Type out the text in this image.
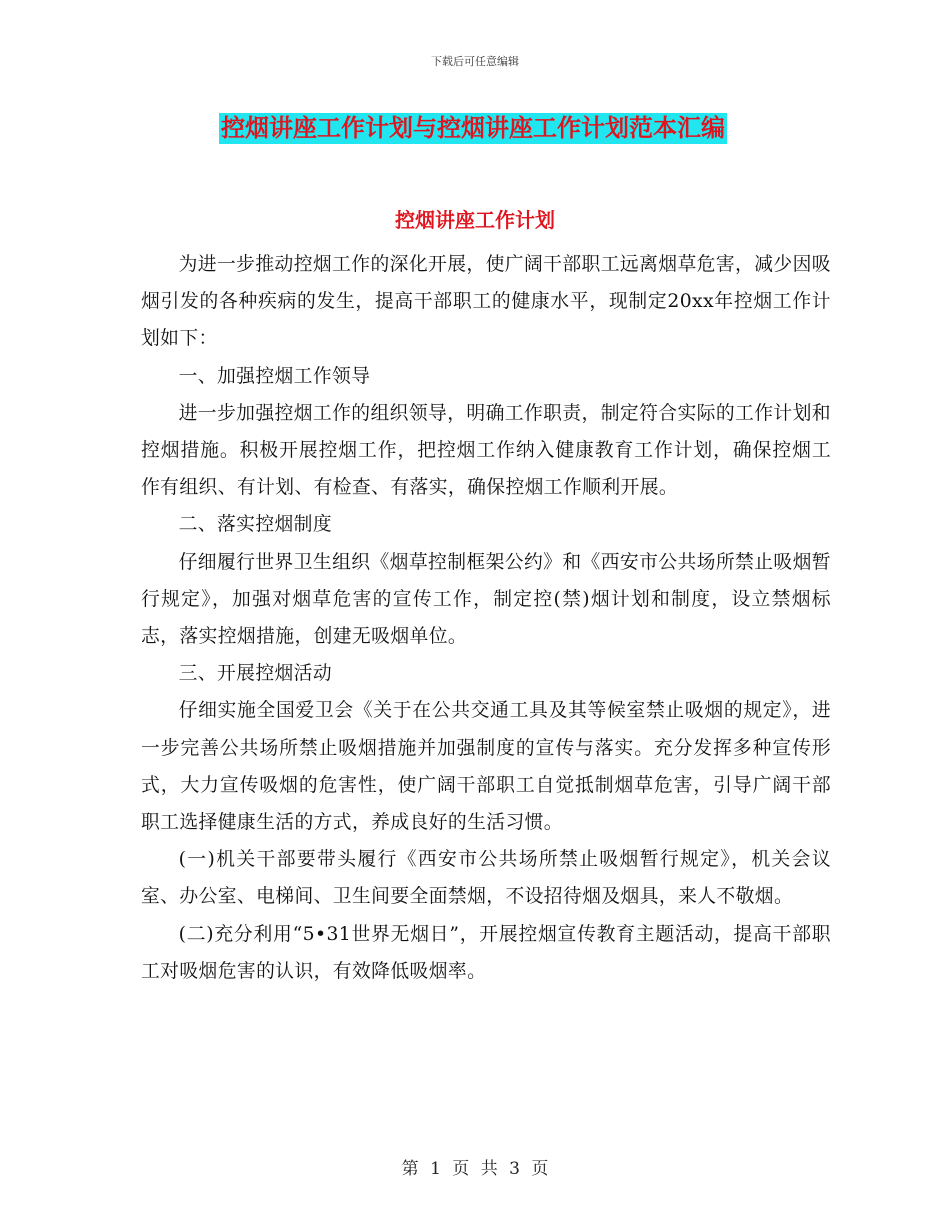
下载后可任意编辑
控烟讲座工作计划与控烟讲座工作计划范本汇编
控烟讲座工作计划

为进一步推动控烟工作的深化开展，使广阔干部职工远离烟草危害，减少因吸烟引发的各种疾病的发生，提高干部职工的健康水平，现制定20xx年控烟工作计划如下：

一、加强控烟工作领导

进一步加强控烟工作的组织领导，明确工作职责，制定符合实际的工作计划和控烟措施。积极开展控烟工作，把控烟工作纳入健康教育工作计划，确保控烟工作有组织、有计划、有检查、有落实，确保控烟工作顺利开展。

二、落实控烟制度

仔细履行世界卫生组织《烟草控制框架公约》和《西安市公共场所禁止吸烟暂行规定》，加强对烟草危害的宣传工作，制定控(禁)烟计划和制度，设立禁烟标志，落实控烟措施，创建无吸烟单位。

三、开展控烟活动

仔细实施全国爱卫会《关于在公共交通工具及其等候室禁止吸烟的规定》，进一步完善公共场所禁止吸烟措施并加强制度的宣传与落实。充分发挥多种宣传形式，大力宣传吸烟的危害性，使广阔干部职工自觉抵制烟草危害，引导广阔干部职工选择健康生活的方式，养成良好的生活习惯。

(一)机关干部要带头履行《西安市公共场所禁止吸烟暂行规定》，机关会议室、办公室、电梯间、卫生间要全面禁烟，不设招待烟及烟具，来人不敬烟。

(二)充分利用“5•31世界无烟日”，开展控烟宣传教育主题活动，提高干部职工对吸烟危害的认识，有效降低吸烟率。

第 1 页 共 3 页
